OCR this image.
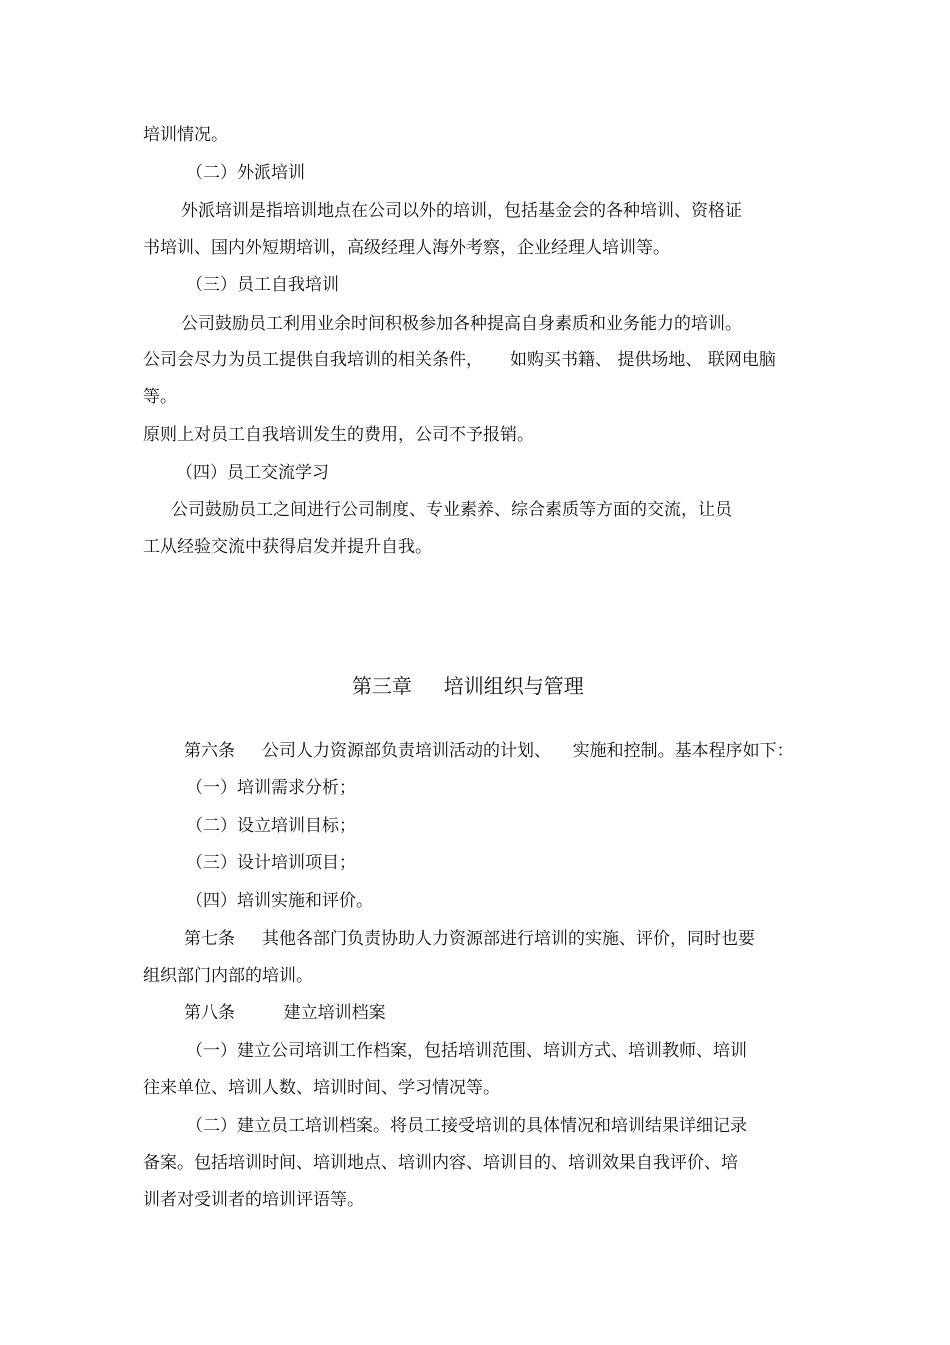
培训情况。

（二）外派培训

外派培训是指培训地点在公司以外的培训，包括基金会的各种培训、资格证

书培训、国内外短期培训，高级经理人海外考察，企业经理人培训等。

（三）员工自我培训

公司鼓励员工利用业余时间积极参加各种提高自身素质和业务能力的培训。

公司会尽力为员工提供自我培训的相关条件，     如购买书籍、 提供场地、 联网电脑

等。

原则上对员工自我培训发生的费用，公司不予报销。

（四）员工交流学习

公司鼓励员工之间进行公司制度、专业素养、综合素质等方面的交流，让员

工从经验交流中获得启发并提升自我。

第三章     培训组织与管理

第六条     公司人力资源部负责培训活动的计划、    实施和控制。基本程序如下：

（一）培训需求分析；

（二）设立培训目标；

（三）设计培训项目；

（四）培训实施和评价。

第七条     其他各部门负责协助人力资源部进行培训的实施、评价，同时也要

组织部门内部的培训。

第八条         建立培训档案

（一）建立公司培训工作档案，包括培训范围、培训方式、培训教师、培训

往来单位、培训人数、培训时间、学习情况等。

（二）建立员工培训档案。将员工接受培训的具体情况和培训结果详细记录

备案。包括培训时间、培训地点、培训内容、培训目的、培训效果自我评价、培

训者对受训者的培训评语等。
